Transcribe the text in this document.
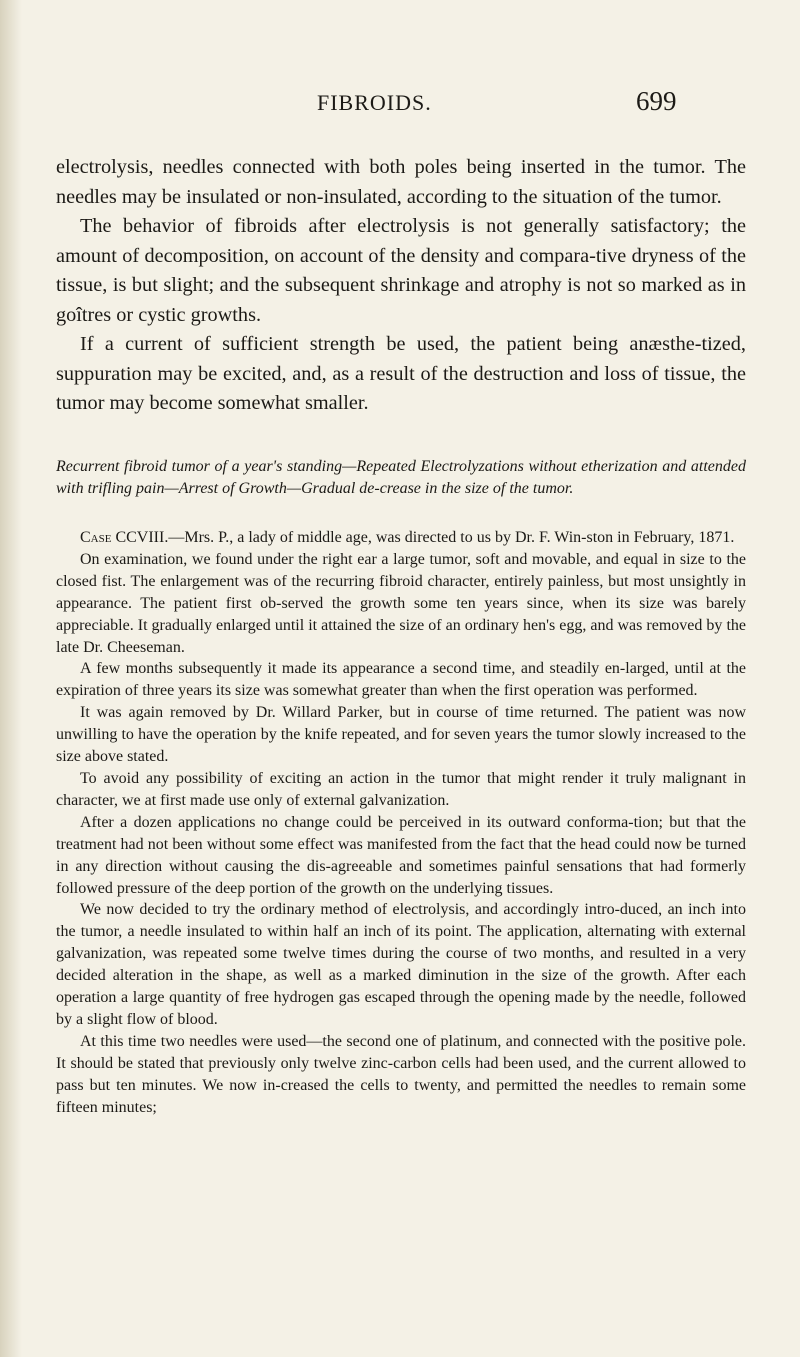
FIBROIDS.	699

electrolysis, needles connected with both poles being inserted in the tumor. The needles may be insulated or non-insulated, according to the situation of the tumor.

The behavior of fibroids after electrolysis is not generally satisfactory; the amount of decomposition, on account of the density and compara-tive dryness of the tissue, is but slight; and the subsequent shrinkage and atrophy is not so marked as in goîtres or cystic growths.

If a current of sufficient strength be used, the patient being anæsthe-tized, suppuration may be excited, and, as a result of the destruction and loss of tissue, the tumor may become somewhat smaller.

Recurrent fibroid tumor of a year's standing—Repeated Electrolyzations without etherization and attended with trifling pain—Arrest of Growth—Gradual de-crease in the size of the tumor.

Case CCVIII.—Mrs. P., a lady of middle age, was directed to us by Dr. F. Win-ston in February, 1871.

On examination, we found under the right ear a large tumor, soft and movable, and equal in size to the closed fist. The enlargement was of the recurring fibroid character, entirely painless, but most unsightly in appearance. The patient first ob-served the growth some ten years since, when its size was barely appreciable. It gradually enlarged until it attained the size of an ordinary hen's egg, and was removed by the late Dr. Cheeseman.

A few months subsequently it made its appearance a second time, and steadily en-larged, until at the expiration of three years its size was somewhat greater than when the first operation was performed.

It was again removed by Dr. Willard Parker, but in course of time returned. The patient was now unwilling to have the operation by the knife repeated, and for seven years the tumor slowly increased to the size above stated.

To avoid any possibility of exciting an action in the tumor that might render it truly malignant in character, we at first made use only of external galvanization.

After a dozen applications no change could be perceived in its outward conforma-tion; but that the treatment had not been without some effect was manifested from the fact that the head could now be turned in any direction without causing the dis-agreeable and sometimes painful sensations that had formerly followed pressure of the deep portion of the growth on the underlying tissues.

We now decided to try the ordinary method of electrolysis, and accordingly intro-duced, an inch into the tumor, a needle insulated to within half an inch of its point. The application, alternating with external galvanization, was repeated some twelve times during the course of two months, and resulted in a very decided alteration in the shape, as well as a marked diminution in the size of the growth. After each operation a large quantity of free hydrogen gas escaped through the opening made by the needle, followed by a slight flow of blood.

At this time two needles were used—the second one of platinum, and connected with the positive pole. It should be stated that previously only twelve zinc-carbon cells had been used, and the current allowed to pass but ten minutes. We now in-creased the cells to twenty, and permitted the needles to remain some fifteen minutes;
